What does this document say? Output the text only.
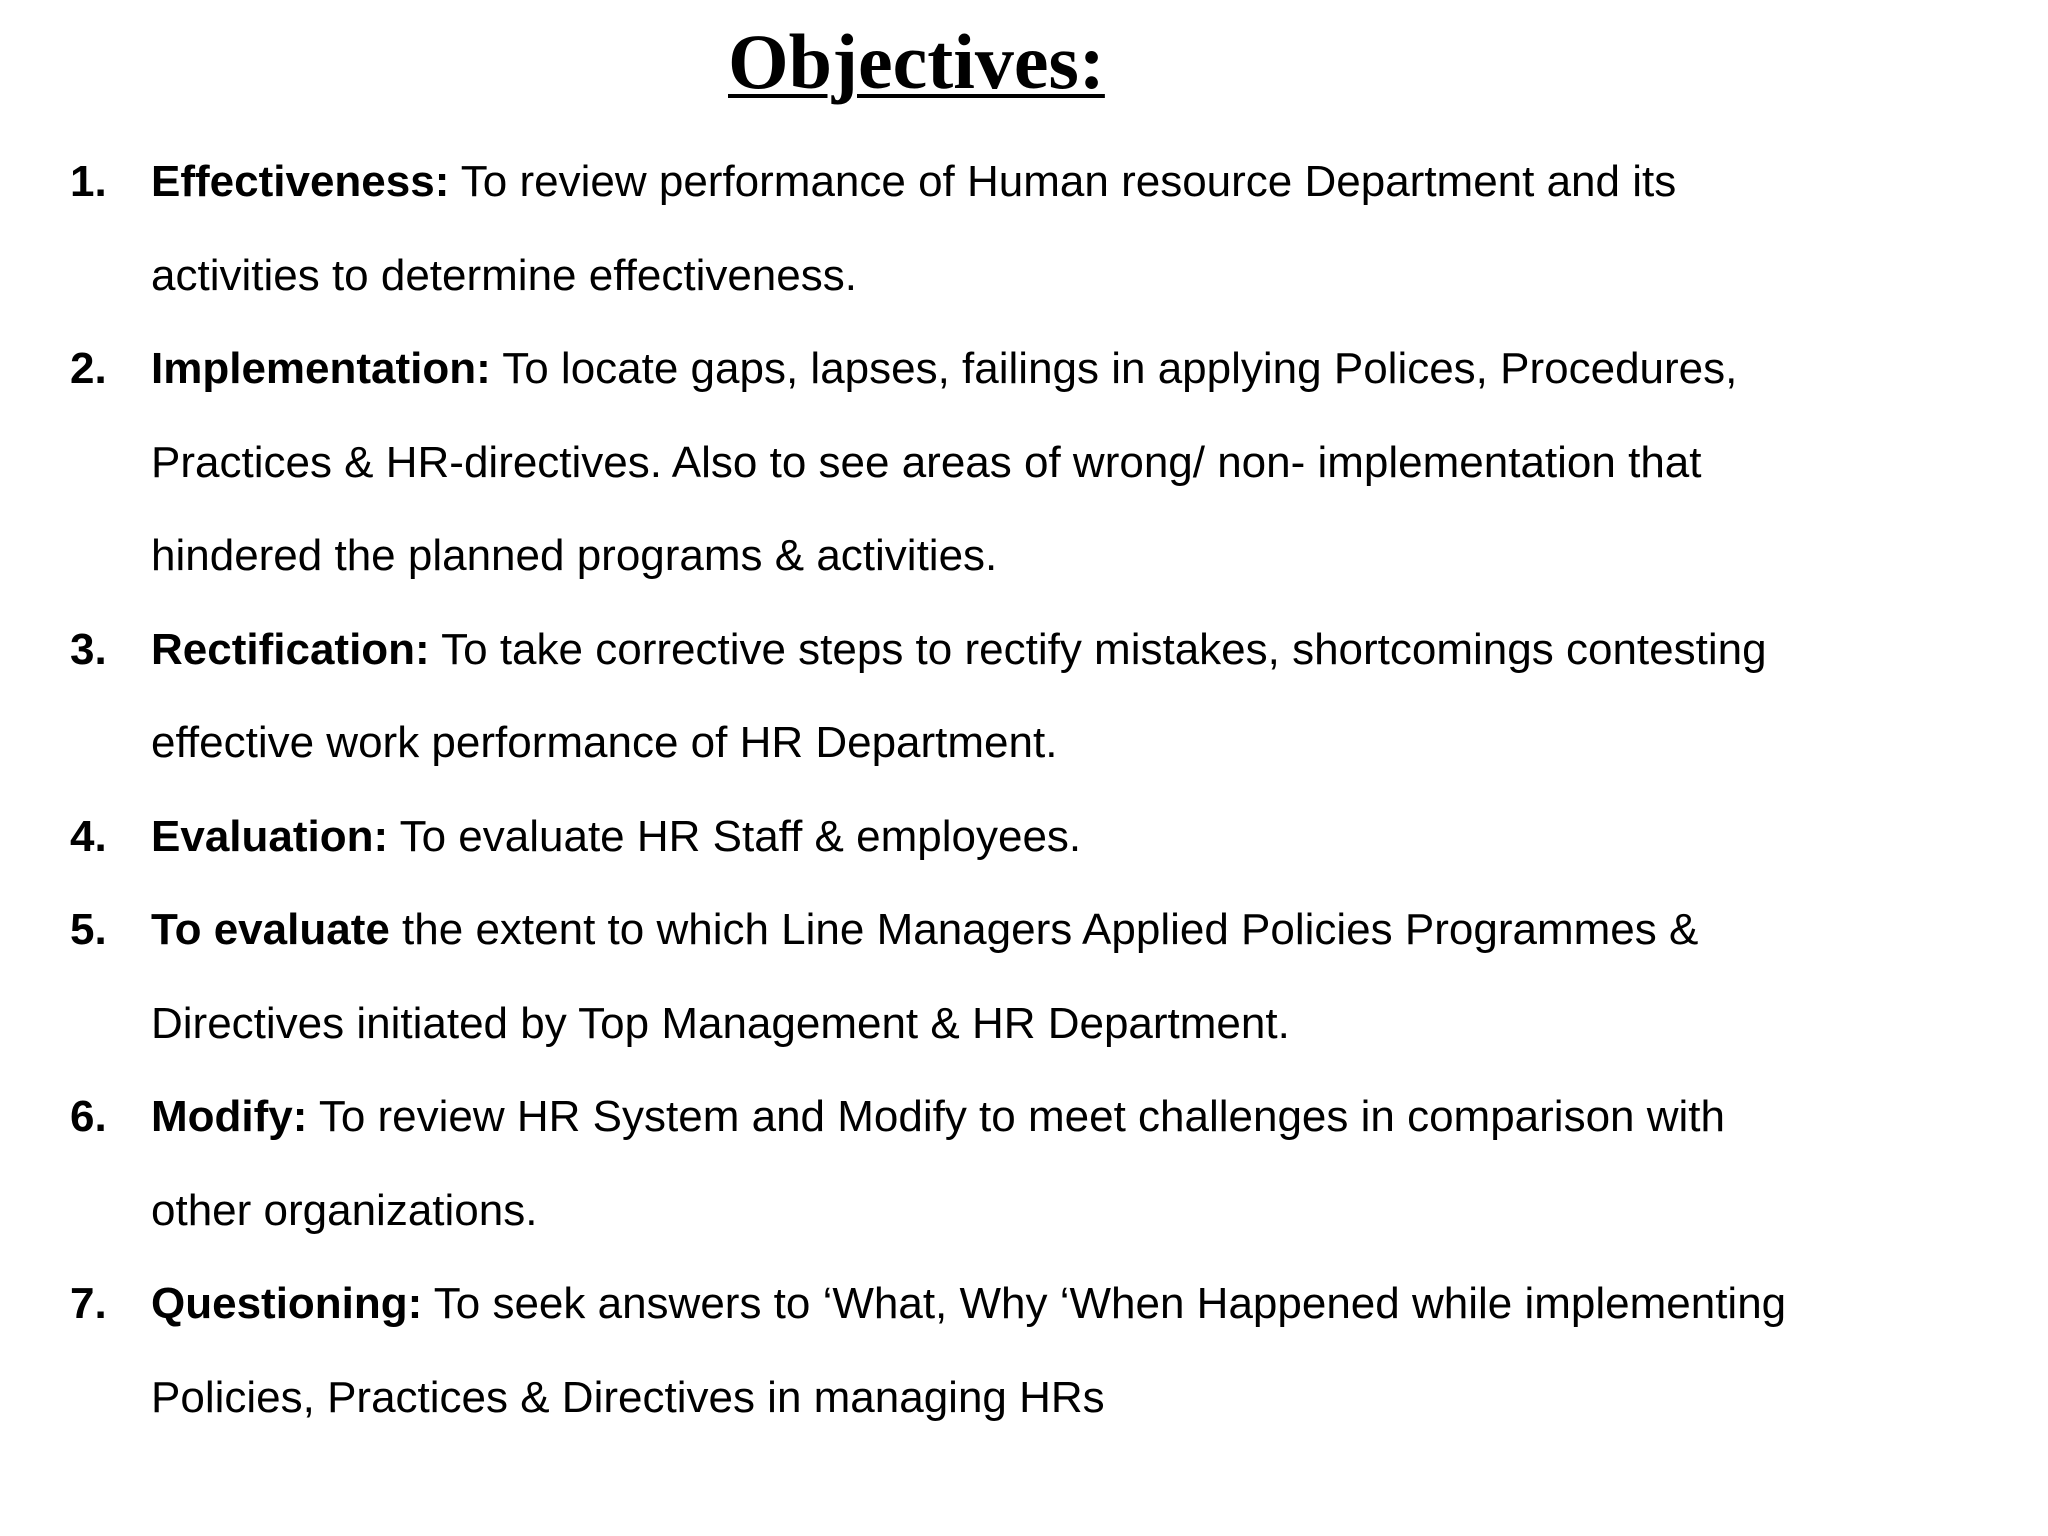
Objectives:
1. Effectiveness: To review performance of Human resource Department and its
activities to determine effectiveness.
2. Implementation: To locate gaps, lapses, failings in applying Polices, Procedures,
Practices & HR-directives. Also to see areas of wrong/ non- implementation that
hindered the planned programs & activities.
3. Rectification: To take corrective steps to rectify mistakes, shortcomings contesting
effective work performance of HR Department.
4. Evaluation: To evaluate HR Staff & employees.
5. To evaluate the extent to which Line Managers Applied Policies Programmes &
Directives initiated by Top Management & HR Department.
6. Modify: To review HR System and Modify to meet challenges in comparison with
other organizations.
7. Questioning: To seek answers to ‘What, Why ‘When Happened while implementing
Policies, Practices & Directives in managing HRs
